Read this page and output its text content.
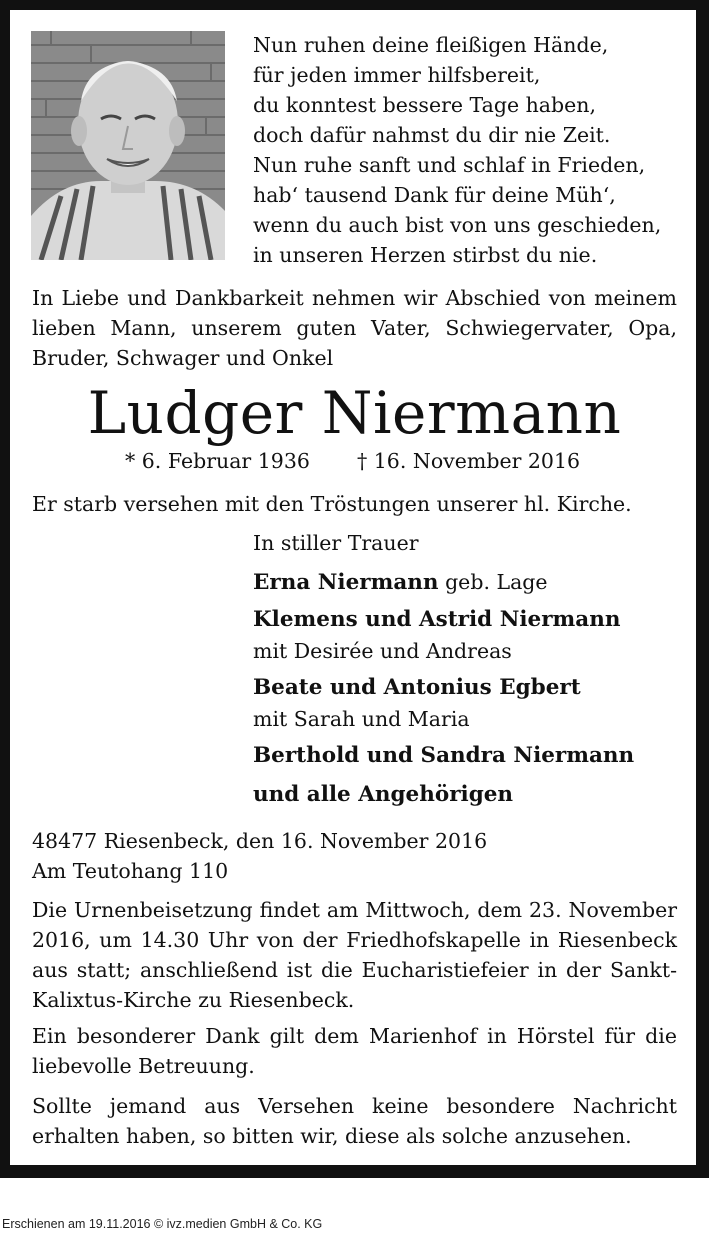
Nun ruhen deine fleißigen Hände,
für jeden immer hilfsbereit,
du konntest bessere Tage haben,
doch dafür nahmst du dir nie Zeit.
Nun ruhe sanft und schlaf in Frieden,
hab‘ tausend Dank für deine Müh‘,
wenn du auch bist von uns geschieden,
in unseren Herzen stirbst du nie.
In Liebe und Dankbarkeit nehmen wir Abschied von meinem
lieben Mann, unserem guten Vater, Schwiegervater, Opa,
Bruder, Schwager und Onkel
Ludger Niermann
* 6. Februar 1936 † 16. November 2016
Er starb versehen mit den Tröstungen unserer hl. Kirche.
In stiller Trauer
Erna Niermann geb. Lage
Klemens und Astrid Niermann
mit Desirée und Andreas
Beate und Antonius Egbert
mit Sarah und Maria
Berthold und Sandra Niermann
und alle Angehörigen
48477 Riesenbeck, den 16. November 2016
Am Teutohang 110
Die Urnenbeisetzung findet am Mittwoch, dem 23. November
2016, um 14.30 Uhr von der Friedhofskapelle in Riesenbeck
aus statt; anschließend ist die Eucharistiefeier in der Sankt-
Kalixtus-Kirche zu Riesenbeck.
Ein besonderer Dank gilt dem Marienhof in Hörstel für die
liebevolle Betreuung.
Sollte jemand aus Versehen keine besondere Nachricht
erhalten haben, so bitten wir, diese als solche anzusehen.
Erschienen am 19.11.2016 © ivz.medien GmbH & Co. KG
